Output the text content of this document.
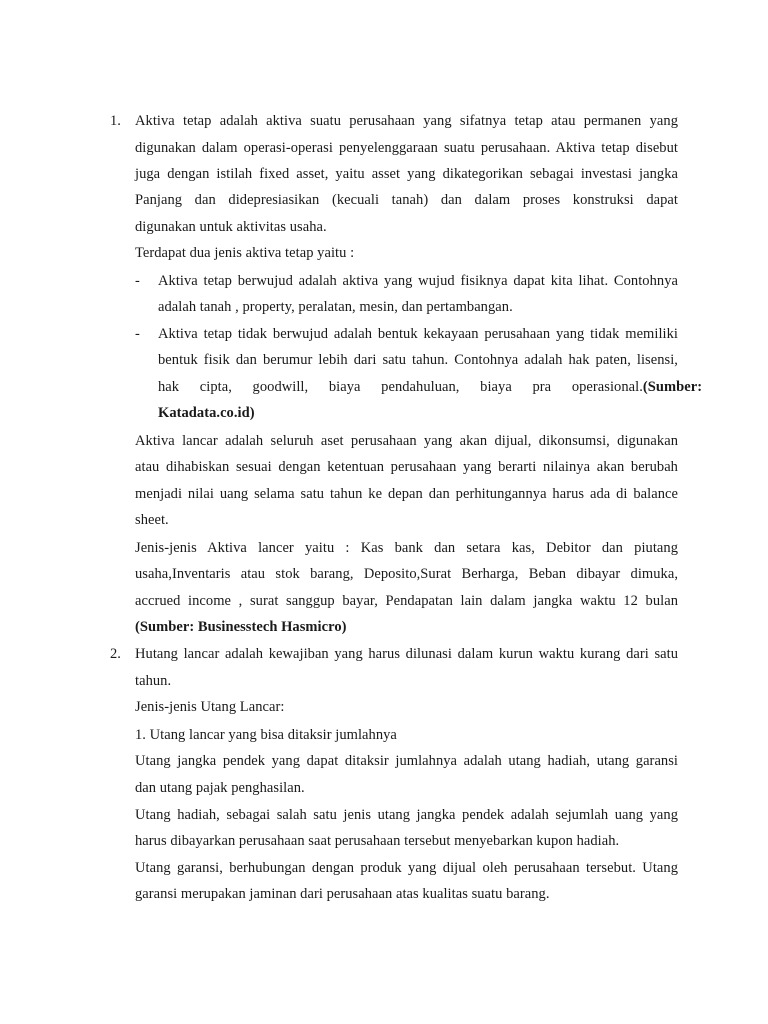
1. Aktiva tetap adalah aktiva suatu perusahaan yang sifatnya tetap atau permanen yang
digunakan dalam operasi-operasi penyelenggaraan suatu perusahaan. Aktiva tetap disebut
juga dengan istilah fixed asset, yaitu asset yang dikategorikan sebagai investasi jangka
Panjang dan didepresiasikan (kecuali tanah) dan dalam proses konstruksi dapat
digunakan untuk aktivitas usaha.
Terdapat dua jenis aktiva tetap yaitu :
- Aktiva tetap berwujud adalah aktiva yang wujud fisiknya dapat kita lihat. Contohnya
adalah tanah , property, peralatan, mesin, dan pertambangan.
- Aktiva tetap tidak berwujud adalah bentuk kekayaan perusahaan yang tidak memiliki
bentuk fisik dan berumur lebih dari satu tahun. Contohnya adalah hak paten, lisensi,
hak cipta, goodwill, biaya pendahuluan, biaya pra operasional. (Sumber:
Katadata.co.id)
Aktiva lancar adalah seluruh aset perusahaan yang akan dijual, dikonsumsi, digunakan
atau dihabiskan sesuai dengan ketentuan perusahaan yang berarti nilainya akan berubah
menjadi nilai uang selama satu tahun ke depan dan perhitungannya harus ada di balance
sheet.
Jenis-jenis Aktiva lancer yaitu : Kas bank dan setara kas, Debitor dan piutang
usaha,Inventaris atau stok barang, Deposito,Surat Berharga, Beban dibayar dimuka,
accrued income , surat sanggup bayar, Pendapatan lain dalam jangka waktu 12 bulan
(Sumber: Businesstech Hasmicro)
2. Hutang lancar adalah kewajiban yang harus dilunasi dalam kurun waktu kurang dari satu
tahun.
Jenis-jenis Utang Lancar:
1. Utang lancar yang bisa ditaksir jumlahnya
Utang jangka pendek yang dapat ditaksir jumlahnya adalah utang hadiah, utang garansi
dan utang pajak penghasilan.
Utang hadiah, sebagai salah satu jenis utang jangka pendek adalah sejumlah uang yang
harus dibayarkan perusahaan saat perusahaan tersebut menyebarkan kupon hadiah.
Utang garansi, berhubungan dengan produk yang dijual oleh perusahaan tersebut. Utang
garansi merupakan jaminan dari perusahaan atas kualitas suatu barang.
